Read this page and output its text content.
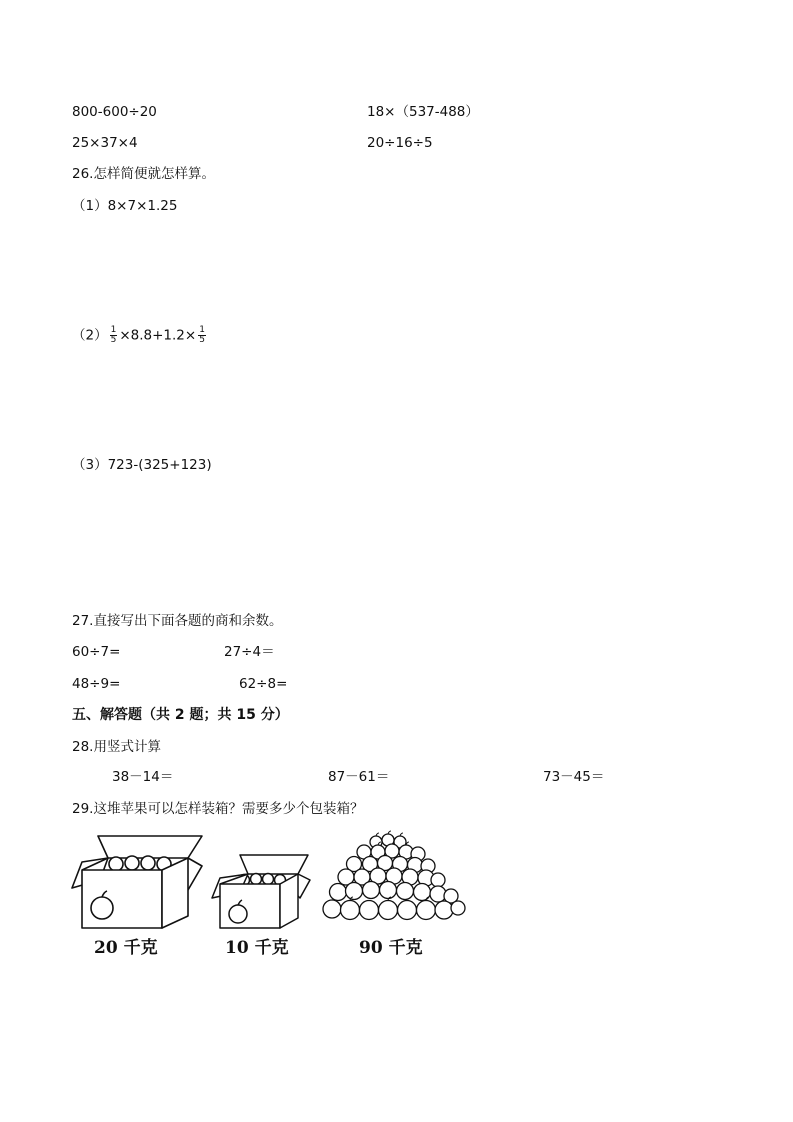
800-600÷20	18×（537-488）
25×37×4	20÷16÷5
26.怎样简便就怎样算。
（1）8×7×1.25
$(2) \frac{1}{5} \times 8.8+1.2\times \frac{1}{5}$
（3）723-(325+123)
27.直接写出下面各题的商和余数。
60÷7=	27÷4＝
48÷9=	62÷8=
五、解答题（共 2 题；共 15 分）
28.用竖式计算
38－14＝	87－61＝	73－45＝
29.这堆苹果可以怎样装箱？需要多少个包装箱？
20 千克	10 千克	90 千克
